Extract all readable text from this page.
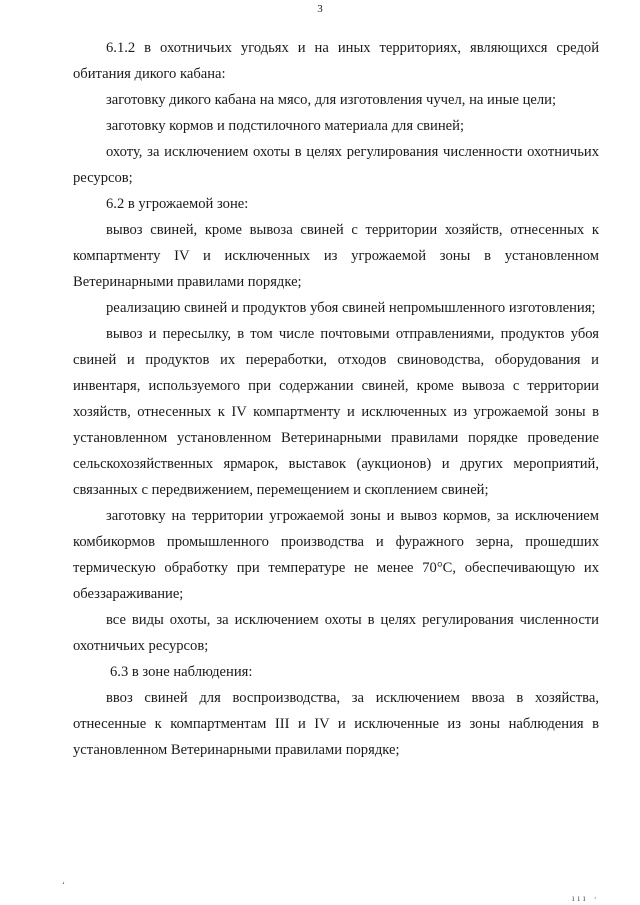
3

6.1.2 в охотничьих угодьях и на иных территориях, являющихся средой обитания дикого кабана:

заготовку дикого кабана на мясо, для изготовления чучел, на иные цели;

заготовку кормов и подстилочного материала для свиней;

охоту, за исключением охоты в целях регулирования численности охотничьих ресурсов;

6.2 в угрожаемой зоне:

вывоз свиней, кроме вывоза свиней с территории хозяйств, отнесенных к компартменту IV и исключенных из угрожаемой зоны в установленном Ветеринарными правилами порядке;

реализацию свиней и продуктов убоя свиней непромышленного изготовления;

вывоз и пересылку, в том числе почтовыми отправлениями, продуктов убоя свиней и продуктов их переработки, отходов свиноводства, оборудования и инвентаря, используемого при содержании свиней, кроме вывоза с территории хозяйств, отнесенных к IV компартменту и исключенных из угрожаемой зоны в установленном установленном Ветеринарными правилами порядке проведение сельскохозяйственных ярмарок, выставок (аукционов) и других мероприятий, связанных с передвижением, перемещением и скоплением свиней;

заготовку на территории угрожаемой зоны и вывоз кормов, за исключением комбикормов промышленного производства и фуражного зерна, прошедших термическую обработку при температуре не менее 70°С, обеспечивающую их обеззараживание;

все виды охоты, за исключением охоты в целях регулирования численности охотничьих ресурсов;

6.3 в зоне наблюдения:

ввоз свиней для воспроизводства, за исключением ввоза в хозяйства, отнесенные к компартментам III и IV и исключенные из зоны наблюдения в установленном Ветеринарными правилами порядке;

‘
ııı ·
